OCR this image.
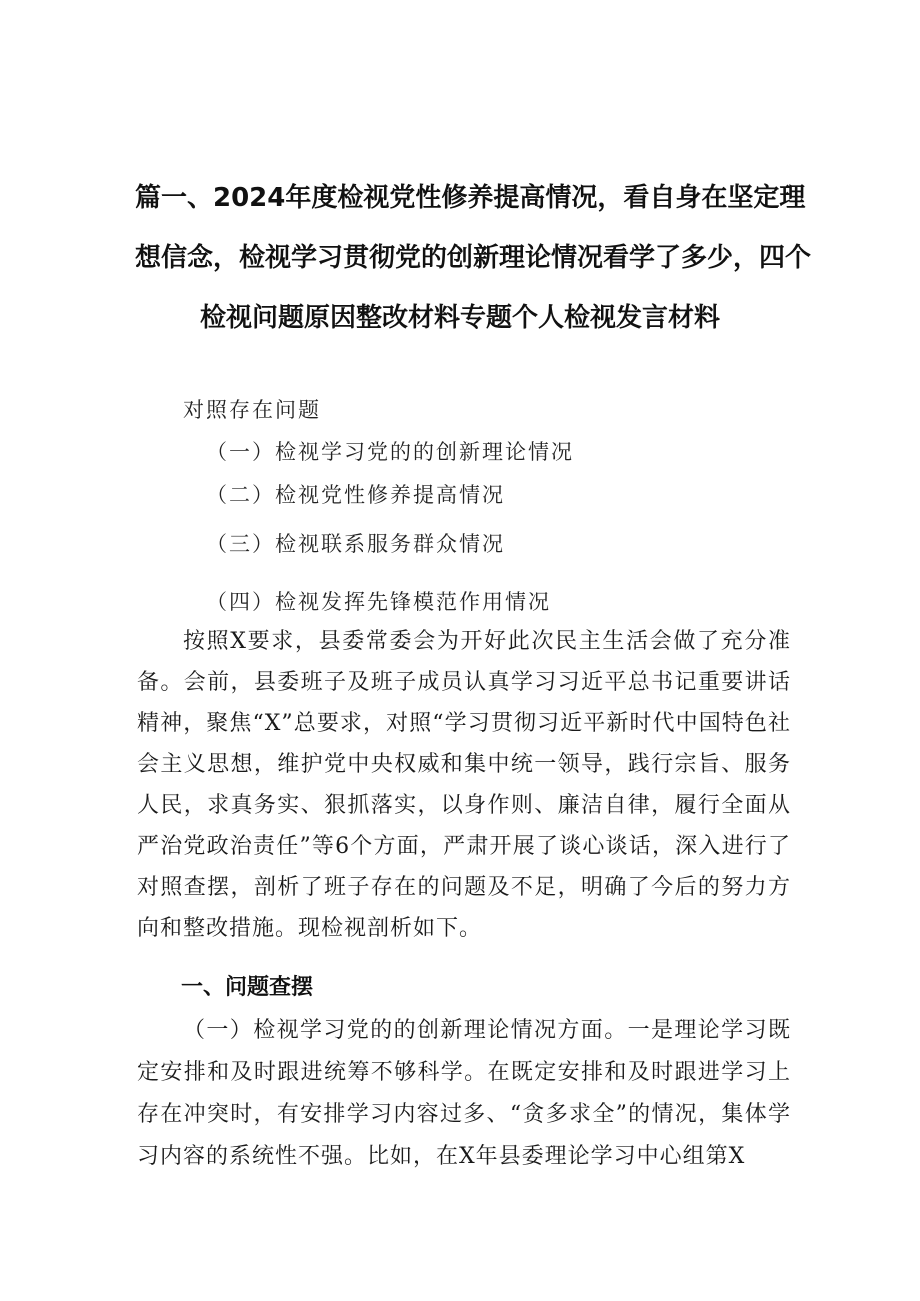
篇一、2024年度检视党性修养提高情况，看自身在坚定理
想信念，检视学习贯彻党的创新理论情况看学了多少，四个
检视问题原因整改材料专题个人检视发言材料
对照存在问题
（一）检视学习党的的创新理论情况
（二）检视党性修养提高情况
（三）检视联系服务群众情况
（四）检视发挥先锋模范作用情况

按照X要求，县委常委会为开好此次民主生活会做了充分准备。会前，县委班子及班子成员认真学习习近平总书记重要讲话精神，聚焦“X”总要求，对照“学习贯彻习近平新时代中国特色社会主义思想，维护党中央权威和集中统一领导，践行宗旨、服务人民，求真务实、狠抓落实，以身作则、廉洁自律，履行全面从严治党政治责任”等6个方面，严肃开展了谈心谈话，深入进行了对照查摆，剖析了班子存在的问题及不足，明确了今后的努力方向和整改措施。现检视剖析如下。

一、问题查摆

（一）检视学习党的的创新理论情况方面。一是理论学习既定安排和及时跟进统筹不够科学。在既定安排和及时跟进学习上存在冲突时，有安排学习内容过多、“贪多求全”的情况，集体学习内容的系统性不强。比如，在X年县委理论学习中心组第X
